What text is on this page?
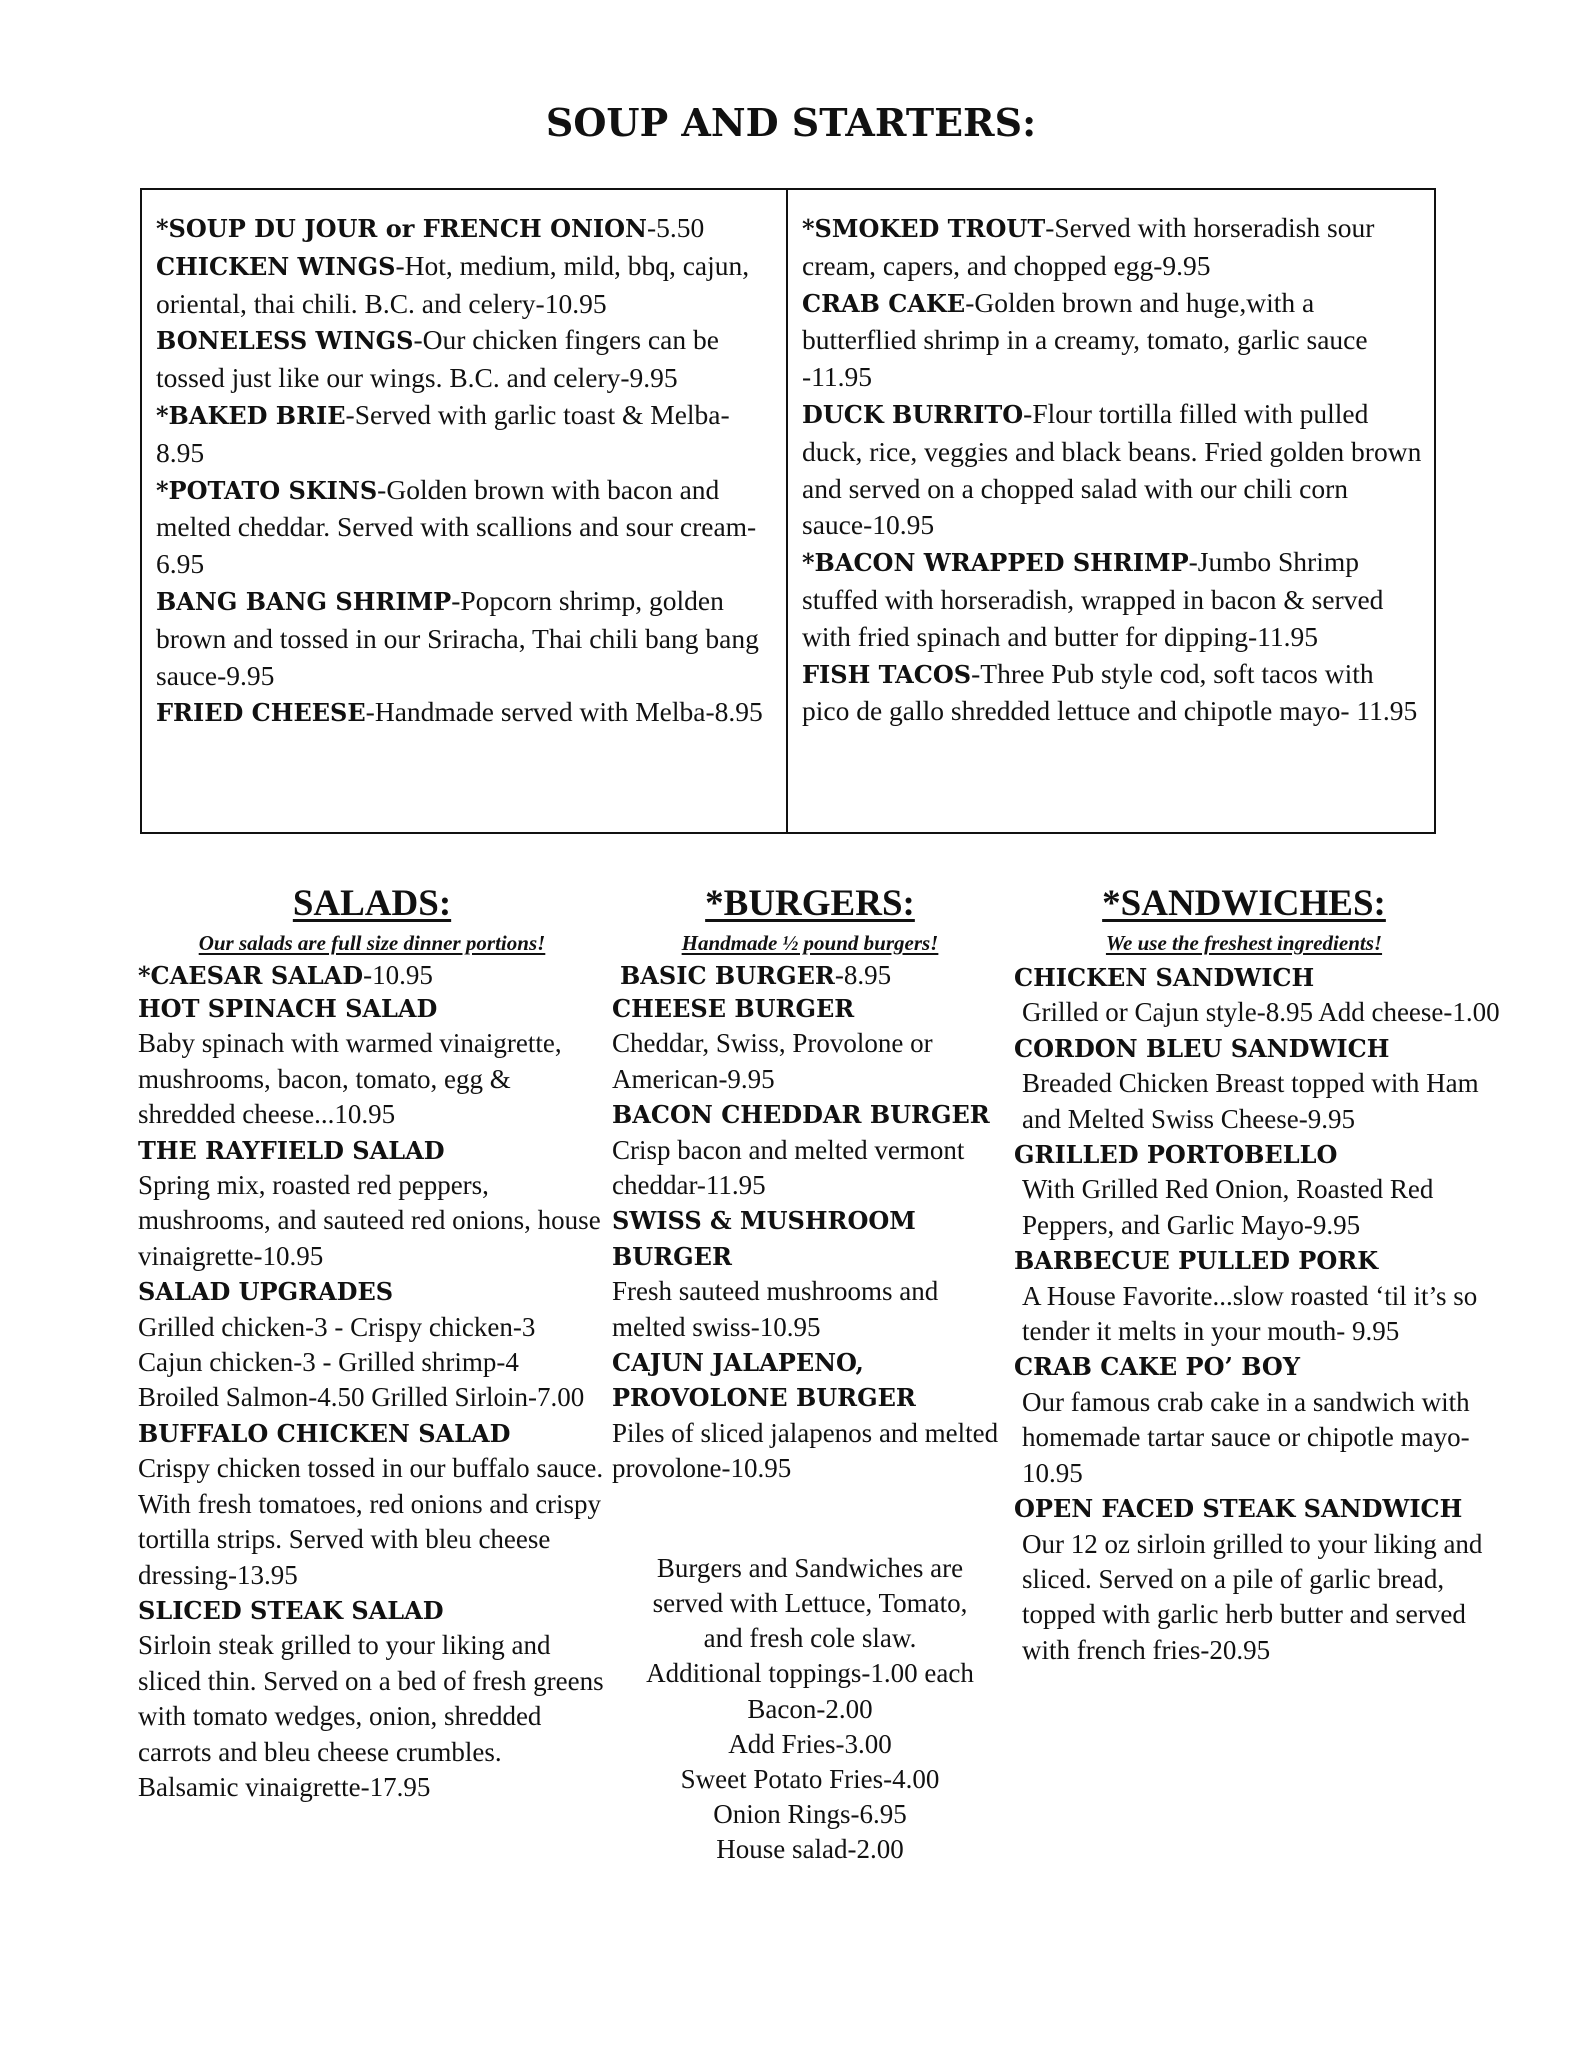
SOUP AND STARTERS:
*SOUP DU JOUR or FRENCH ONION-5.50
CHICKEN WINGS-Hot, medium, mild, bbq, cajun, oriental, thai chili. B.C. and celery-10.95
BONELESS WINGS-Our chicken fingers can be tossed just like our wings. B.C. and celery-9.95
*BAKED BRIE-Served with garlic toast & Melba-8.95
*POTATO SKINS-Golden brown with bacon and melted cheddar. Served with scallions and sour cream-6.95
BANG BANG SHRIMP-Popcorn shrimp, golden brown and tossed in our Sriracha, Thai chili bang bang sauce-9.95
FRIED CHEESE-Handmade served with Melba-8.95
*SMOKED TROUT-Served with horseradish sour cream, capers, and chopped egg-9.95
CRAB CAKE-Golden brown and huge,with a butterflied shrimp in a creamy, tomato, garlic sauce -11.95
DUCK BURRITO-Flour tortilla filled with pulled duck, rice, veggies and black beans. Fried golden brown and served on a chopped salad with our chili corn sauce-10.95
*BACON WRAPPED SHRIMP-Jumbo Shrimp stuffed with horseradish, wrapped in bacon & served with fried spinach and butter for dipping-11.95
FISH TACOS-Three Pub style cod, soft tacos with pico de gallo shredded lettuce and chipotle mayo- 11.95
SALADS:
Our salads are full size dinner portions!
*CAESAR SALAD-10.95
HOT SPINACH SALAD
Baby spinach with warmed vinaigrette, mushrooms, bacon, tomato, egg & shredded cheese...10.95
THE RAYFIELD SALAD
Spring mix, roasted red peppers, mushrooms, and sauteed red onions, house vinaigrette-10.95
SALAD UPGRADES
Grilled chicken-3 - Crispy chicken-3 Cajun chicken-3 - Grilled shrimp-4 Broiled Salmon-4.50 Grilled Sirloin-7.00
BUFFALO CHICKEN SALAD
Crispy chicken tossed in our buffalo sauce. With fresh tomatoes, red onions and crispy tortilla strips. Served with bleu cheese dressing-13.95
SLICED STEAK SALAD
Sirloin steak grilled to your liking and sliced thin. Served on a bed of fresh greens with tomato wedges, onion, shredded carrots and bleu cheese crumbles. Balsamic vinaigrette-17.95
*BURGERS:
Handmade ½ pound burgers!
BASIC BURGER-8.95
CHEESE BURGER
Cheddar, Swiss, Provolone or American-9.95
BACON CHEDDAR BURGER
Crisp bacon and melted vermont cheddar-11.95
SWISS & MUSHROOM BURGER
Fresh sauteed mushrooms and melted swiss-10.95
CAJUN JALAPENO, PROVOLONE BURGER
Piles of sliced jalapenos and melted provolone-10.95
Burgers and Sandwiches are
served with Lettuce, Tomato,
and fresh cole slaw.
Additional toppings-1.00 each
Bacon-2.00
Add Fries-3.00
Sweet Potato Fries-4.00
Onion Rings-6.95
House salad-2.00
*SANDWICHES:
We use the freshest ingredients!
CHICKEN SANDWICH
Grilled or Cajun style-8.95 Add cheese-1.00
CORDON BLEU SANDWICH
Breaded Chicken Breast topped with Ham and Melted Swiss Cheese-9.95
GRILLED PORTOBELLO
With Grilled Red Onion, Roasted Red Peppers, and Garlic Mayo-9.95
BARBECUE PULLED PORK
A House Favorite...slow roasted ‘til it’s so tender it melts in your mouth- 9.95
CRAB CAKE PO’ BOY
Our famous crab cake in a sandwich with homemade tartar sauce or chipotle mayo-10.95
OPEN FACED STEAK SANDWICH
Our 12 oz sirloin grilled to your liking and sliced. Served on a pile of garlic bread, topped with garlic herb butter and served with french fries-20.95
